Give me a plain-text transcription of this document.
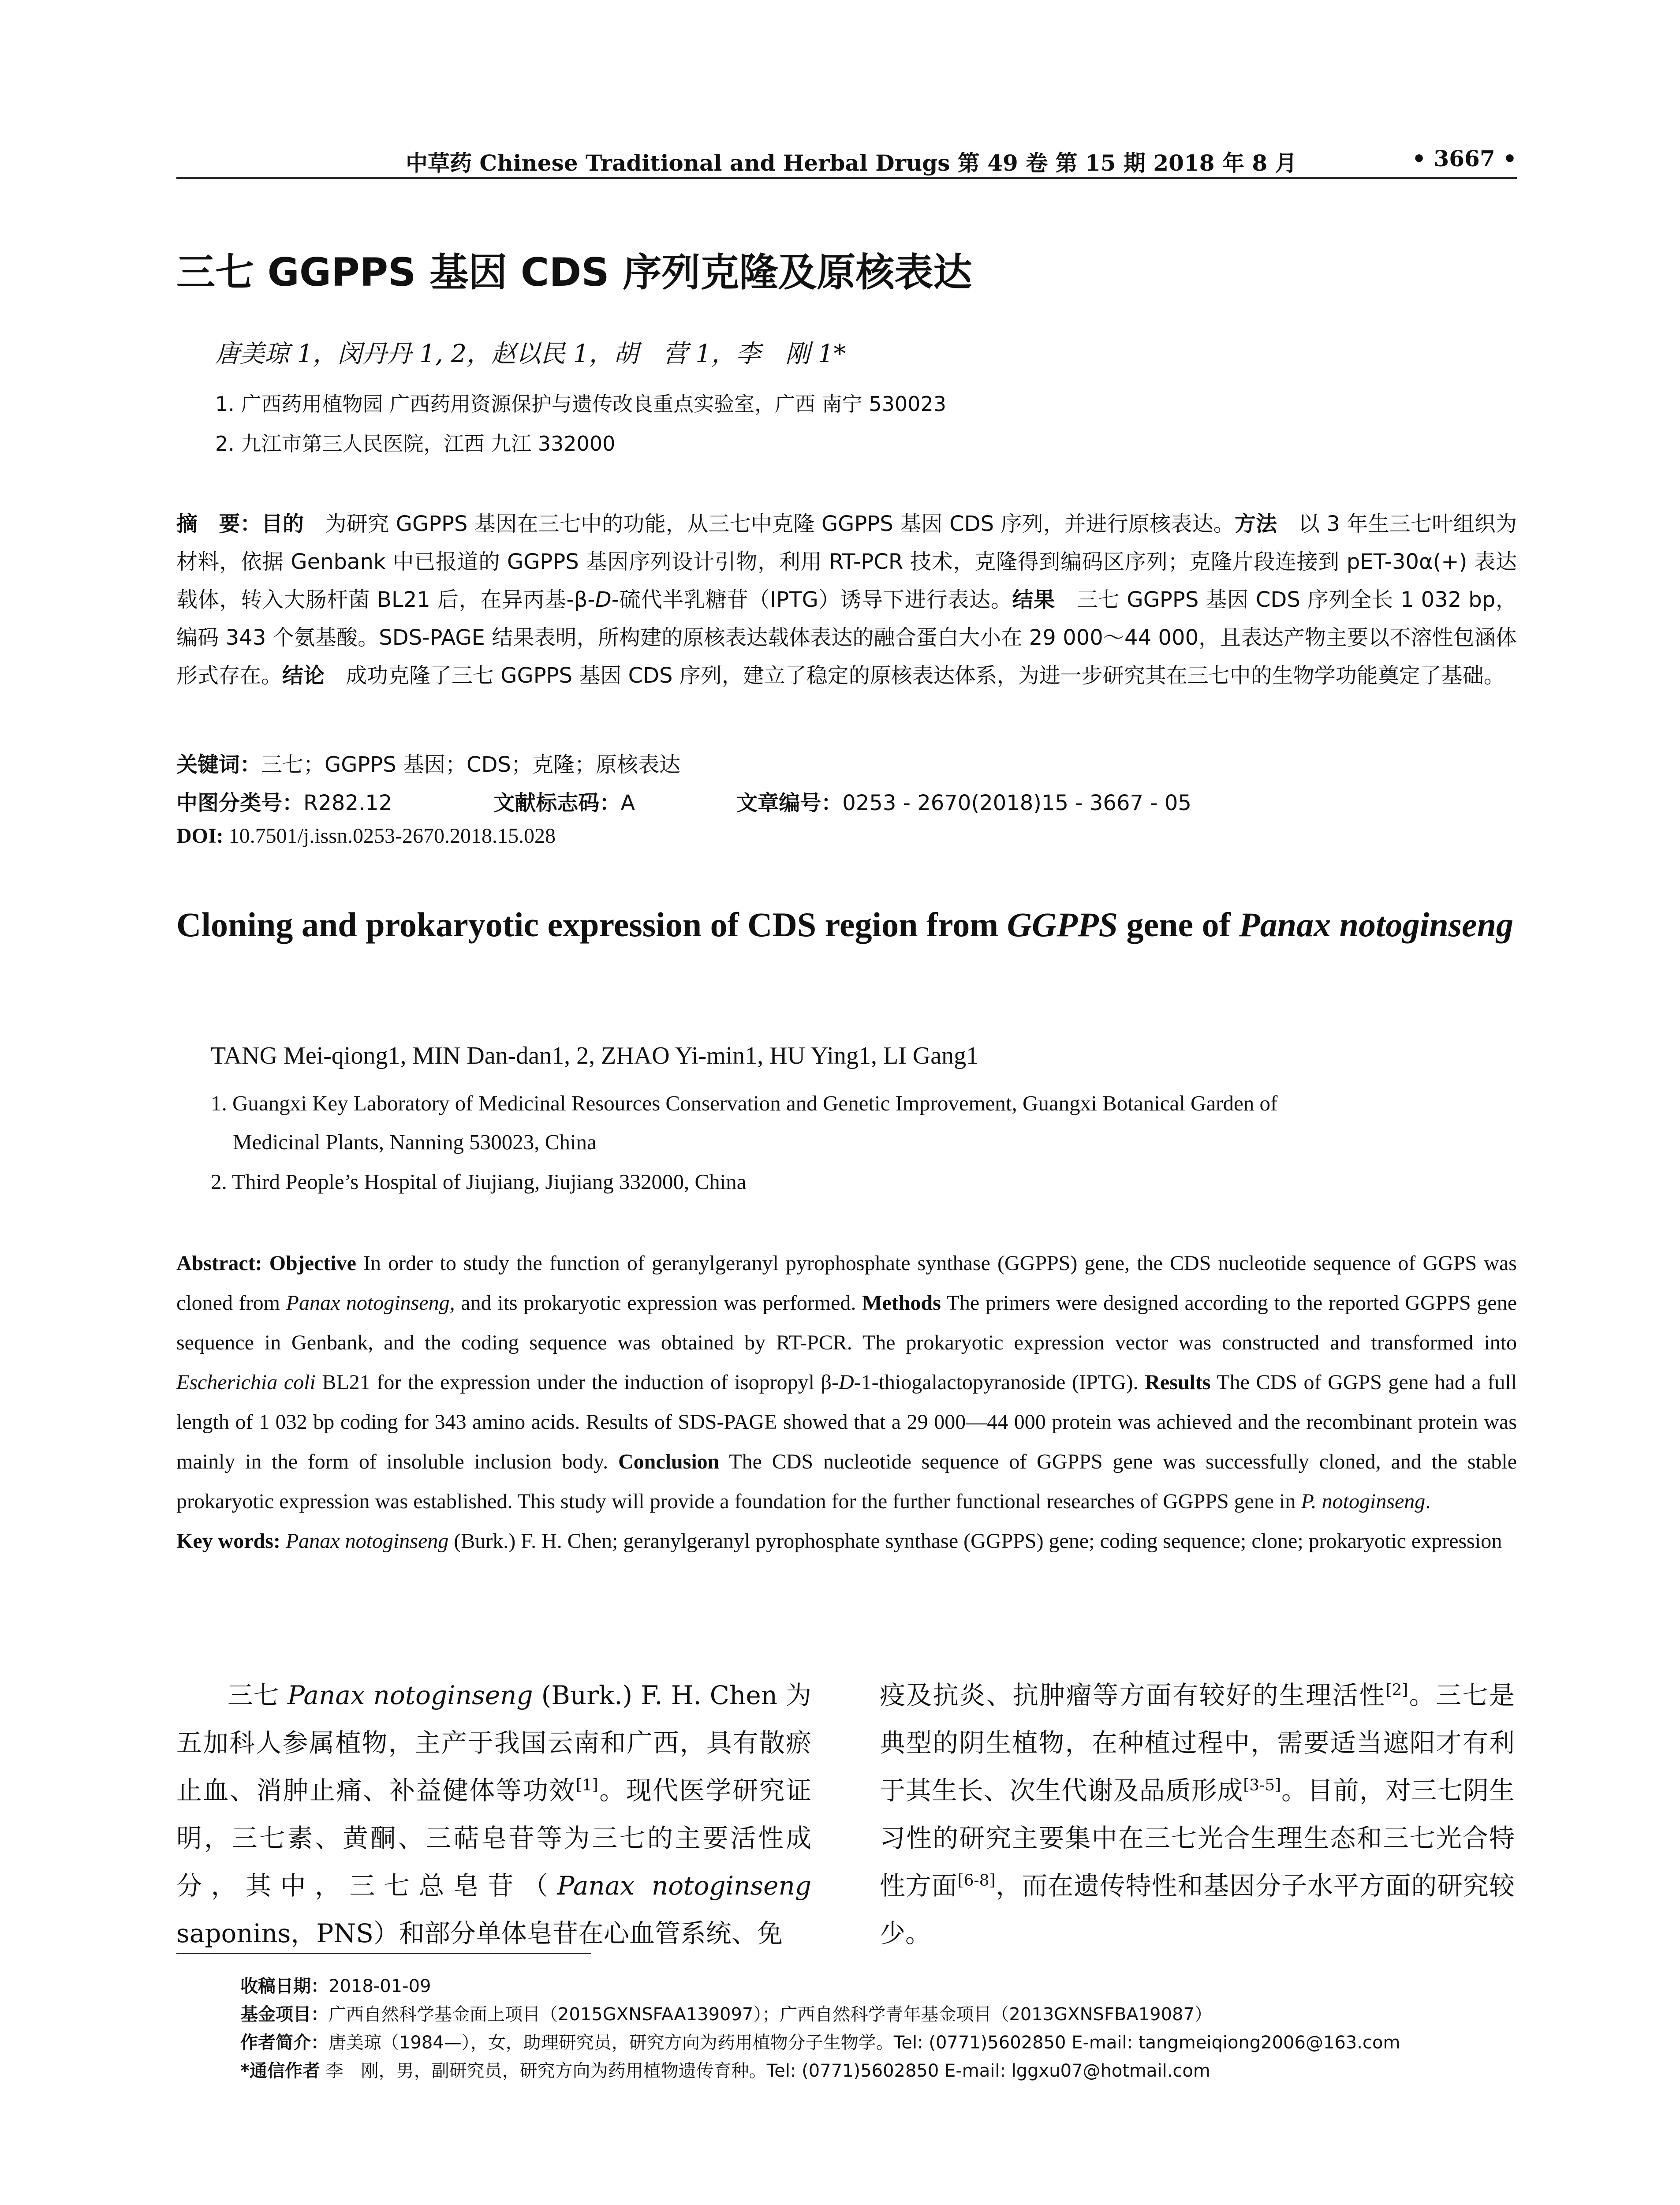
中草药 Chinese Traditional and Herbal Drugs 第 49 卷 第 15 期 2018 年 8 月	• 3667 •
三七 GGPPS 基因 CDS 序列克隆及原核表达
唐美琼 1，闵丹丹 1, 2，赵以民 1，胡　营 1，李　刚 1*
1. 广西药用植物园 广西药用资源保护与遗传改良重点实验室，广西 南宁 530023
2. 九江市第三人民医院，江西 九江 332000
摘　要：目的　 为研究 GGPPS 基因在三七中的功能，从三七中克隆 GGPPS 基因 CDS 序列，并进行原核表达。方法　 以 3 年生三七叶组织为材料，依据 Genbank 中已报道的 GGPPS 基因序列设计引物，利用 RT-PCR 技术，克隆得到编码区序列；克隆片段连接到 pET-30α(+) 表达载体，转入大肠杆菌 BL21 后，在异丙基-β-D-硫代半乳糖苷（IPTG）诱导下进行表达。结果　 三七 GGPPS 基因 CDS 序列全长 1 032 bp，编码 343 个氨基酸。SDS-PAGE 结果表明，所构建的原核表达载体表达的融合蛋白大小在 29 000～44 000，且表达产物主要以不溶性包涵体形式存在。结论　 成功克隆了三七 GGPPS 基因 CDS 序列，建立了稳定的原核表达体系，为进一步研究其在三七中的生物学功能奠定了基础。
关键词：三七；GGPPS 基因；CDS；克隆；原核表达
中图分类号：R282.12	文献标志码：A	文章编号：0253 - 2670(2018)15 - 3667 - 05
DOI: 10.7501/j.issn.0253-2670.2018.15.028
Cloning and prokaryotic expression of CDS region from GGPPS gene of Panax notoginseng
TANG Mei-qiong1, MIN Dan-dan1, 2, ZHAO Yi-min1, HU Ying1, LI Gang1
1. Guangxi Key Laboratory of Medicinal Resources Conservation and Genetic Improvement, Guangxi Botanical Garden of
Medicinal Plants, Nanning 530023, China
2. Third People’s Hospital of Jiujiang, Jiujiang 332000, China
Abstract: Objective In order to study the function of geranylgeranyl pyrophosphate synthase (GGPPS) gene, the CDS nucleotide sequence of GGPS was cloned from Panax notoginseng, and its prokaryotic expression was performed. Methods The primers were designed according to the reported GGPPS gene sequence in Genbank, and the coding sequence was obtained by RT-PCR. The prokaryotic expression vector was constructed and transformed into Escherichia coli BL21 for the expression under the induction of isopropyl β-D-1-thiogalactopyranoside (IPTG). Results The CDS of GGPS gene had a full length of 1 032 bp coding for 343 amino acids. Results of SDS-PAGE showed that a 29 000—44 000 protein was achieved and the recombinant protein was mainly in the form of insoluble inclusion body. Conclusion The CDS nucleotide sequence of GGPPS gene was successfully cloned, and the stable prokaryotic expression was established. This study will provide a foundation for the further functional researches of GGPPS gene in P. notoginseng.
Key words: Panax notoginseng (Burk.) F. H. Chen; geranylgeranyl pyrophosphate synthase (GGPPS) gene; coding sequence; clone; prokaryotic expression
三七 Panax notoginseng (Burk.) F. H. Chen 为五加科人参属植物，主产于我国云南和广西，具有散瘀止血、消肿止痛、补益健体等功效[1]。现代医学研究证明，三七素、黄酮、三萜皂苷等为三七的主要活性成分，其中，三七总皂苷（Panax notoginseng saponins，PNS）和部分单体皂苷在心血管系统、免
疫及抗炎、抗肿瘤等方面有较好的生理活性[2]。三七是典型的阴生植物，在种植过程中，需要适当遮阳才有利于其生长、次生代谢及品质形成[3-5]。目前，对三七阴生习性的研究主要集中在三七光合生理生态和三七光合特性方面[6-8]，而在遗传特性和基因分子水平方面的研究较少。
收稿日期：2018-01-09
基金项目：广西自然科学基金面上项目（2015GXNSFAA139097）；广西自然科学青年基金项目（2013GXNSFBA19087）
作者简介：唐美琼（1984—），女，助理研究员，研究方向为药用植物分子生物学。Tel: (0771)5602850 E-mail: tangmeiqiong2006@163.com
*通信作者 李　刚，男，副研究员，研究方向为药用植物遗传育种。Tel: (0771)5602850 E-mail: lggxu07@hotmail.com
